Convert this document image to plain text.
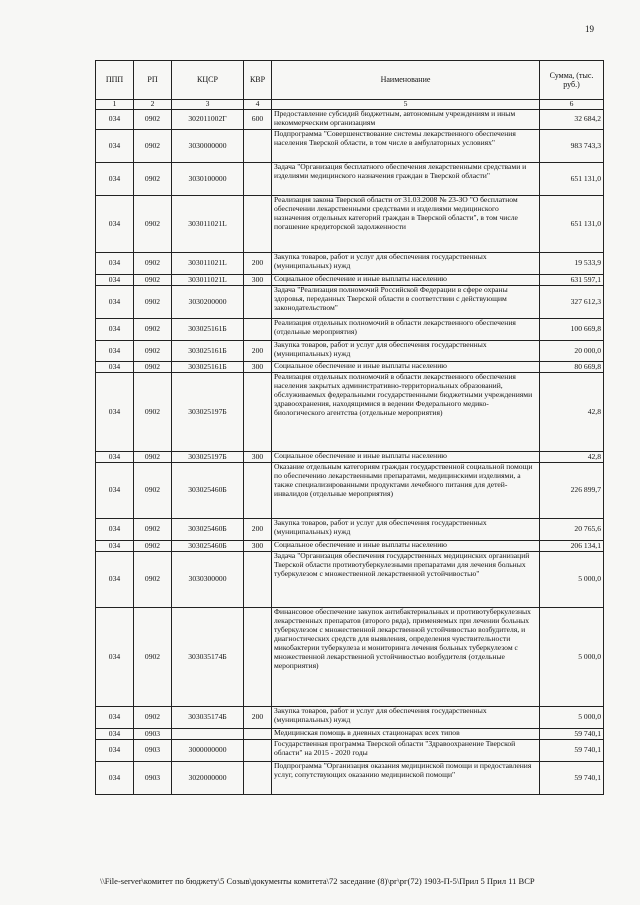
19
ППП	РП	КЦСР	КВР	Наименование	Сумма, (тыс. руб.)
1	2	3	4	5	6
034	0902	302011002Г	600	Предоставление субсидий бюджетным, автономным учреждениям и иным некоммерческим организациям	32 684,2
034	0902	3030000000		Подпрограмма "Совершенствование системы лекарственного обеспечения населения Тверской области, в том числе в амбулаторных условиях"	983 743,3
034	0902	3030100000		Задача "Организация бесплатного обеспечения лекарственными средствами и изделиями медицинского назначения граждан в Тверской области"	651 131,0
034	0902	303011021L		Реализация закона Тверской области от 31.03.2008 № 23-ЗО "О бесплатном обеспечении лекарственными средствами и изделиями медицинского назначения отдельных категорий граждан в Тверской области", в том числе погашение кредиторской задолженности	651 131,0
034	0902	303011021L	200	Закупка товаров, работ и услуг для обеспечения государственных (муниципальных) нужд	19 533,9
034	0902	303011021L	300	Социальное обеспечение и иные выплаты населению	631 597,1
034	0902	3030200000		Задача "Реализация полномочий Российской Федерации в сфере охраны здоровья, переданных Тверской области в соответствии с действующим законодательством"	327 612,3
034	0902	303025161Б		Реализация отдельных полномочий в области лекарственного обеспечения (отдельные мероприятия)	100 669,8
034	0902	303025161Б	200	Закупка товаров, работ и услуг для обеспечения государственных (муниципальных) нужд	20 000,0
034	0902	303025161Б	300	Социальное обеспечение и иные выплаты населению	80 669,8
034	0902	303025197Б		Реализация отдельных полномочий в области лекарственного обеспечения населения закрытых административно-территориальных образований, обслуживаемых федеральными государственными бюджетными учреждениями здравоохранения, находящимися в ведении Федерального медико-биологического агентства (отдельные мероприятия)	42,8
034	0902	303025197Б	300	Социальное обеспечение и иные выплаты населению	42,8
034	0902	303025460Б		Оказание отдельным категориям граждан государственной социальной помощи по обеспечению лекарственными препаратами, медицинскими изделиями, а также специализированными продуктами лечебного питания для детей-инвалидов (отдельные мероприятия)	226 899,7
034	0902	303025460Б	200	Закупка товаров, работ и услуг для обеспечения государственных (муниципальных) нужд	20 765,6
034	0902	303025460Б	300	Социальное обеспечение и иные выплаты населению	206 134,1
034	0902	3030300000		Задача "Организация обеспечения государственных медицинских организаций Тверской области противотуберкулезными препаратами для лечения больных туберкулезом с множественной лекарственной устойчивостью"	5 000,0
034	0902	303035174Б		Финансовое обеспечение закупок антибактериальных и противотуберкулезных лекарственных препаратов (второго ряда), применяемых при лечении больных туберкулезом с множественной лекарственной устойчивостью возбудителя, и диагностических средств для выявления, определения чувствительности микобактерии туберкулеза и мониторинга лечения больных туберкулезом с множественной лекарственной устойчивостью возбудителя (отдельные мероприятия)	5 000,0
034	0902	303035174Б	200	Закупка товаров, работ и услуг для обеспечения государственных (муниципальных) нужд	5 000,0
034	0903			Медицинская помощь в дневных стационарах всех типов	59 740,1
034	0903	3000000000		Государственная программа Тверской области "Здравоохранение Тверской области" на 2015 - 2020 годы	59 740,1
034	0903	3020000000		Подпрограмма "Организация оказания медицинской помощи и предоставления услуг, сопутствующих оказанию медицинской помощи"	59 740,1
\\File-server\комитет по бюджету\5 Созыв\документы комитета\72 заседание (8)\рг\рг(72) 1903-П-5\Прил 5 Прил 11 ВСР
